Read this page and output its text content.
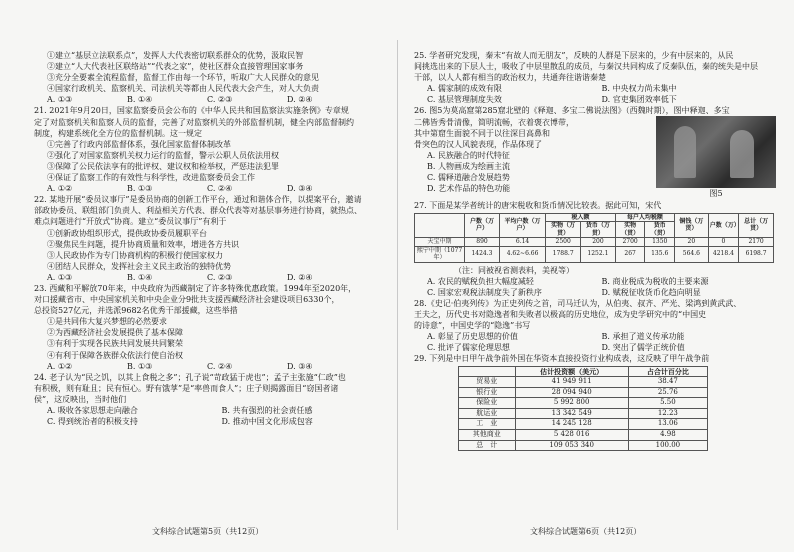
①建立“基层立法联系点”，发挥人大代表密切联系群众的优势，汲取民智
②建立“人大代表社区联络站”“代表之家”，使社区群众直接管理国家事务
③充分全要素全流程监督，监督工作由每一个环节，听取广大人民群众的意见
④国家行政机关、监察机关、司法机关等都由人民代表大会产生，对人大负责
A. ①③	B. ①④	C. ②③	D. ②④
21. 2021年9月20日，国家监察委员会公布的《中华人民共和国监察法实施条例》专章规
定了对监察机关和监察人员的监督，完善了对监察机关的外部监督机制，健全内部监督制约
制度，构建系统化全方位的监督机制。这一规定
①完善了行政内部监督体系，强化国家监督体制改革
②强化了对国家监察机关权力运行的监督，警示公职人员依法用权
③保障了公民依法享有的批评权、建议权和检举权，严惩违法犯罪
④保证了监察工作的有效性与科学性，改进监察委员会工作
A. ①②	B. ①③	C. ②④	D. ③④
22. 某地开展“委员议事厅”是委员协商的创新工作平台，通过和谐体合作，以提案平台，邀请
部政协委员、联组部门负责人、利益相关方代表、群众代表等对基层事务进行协商，就热点、
难点问题进行“开放式”协商。建立“委员议事厅”有利于
①创新政协组织形式，提供政协委员履职平台
②聚焦民生问题，提升协商质量和效率，增进各方共识
③人民政协作为专门协商机构的积极行使国家权力
④团结人民群众，发挥社会主义民主政治的独特优势
A. ①③	B. ①④	C. ②③	D. ②④
23. 西藏和平解放70年来，中央政府为西藏制定了许多特殊优惠政策。1994年至2020年，
对口援藏省市、中央国家机关和中央企业分9批共支援西藏经济社会建设项目6330个，
总投资527亿元，并选派9682名优秀干部援藏，这些举措
①是共同伟大复兴梦想的必然要求
②为西藏经济社会发展提供了基本保障
③有利于实现各民族共同发展共同繁荣
④有利于保障各族群众依法行使自治权
A. ①②	B. ①③	C. ②④	D. ③④
24. 老子认为“民之饥，以其上食税之多”；孔子说“苛政猛于虎也”；孟子主张施“仁政”也
有积极，则有耻且；民有恒心。野有饿莩”是“率兽而食人”；庄子则揭露面目“窃国者诸
侯”，这反映出，当时他们
A. 吸收各家思想走向融合	B. 共有强烈的社会责任感
C. 得到统治者的积极支持	D. 推动中国文化形成包容
25. 学者研究发现，秦末“有故人而无朋友”，反映的人群是下层来的，少有中层来的，从民
间挑选出来的下层人士，吸收了中层里散乱的成员，与秦汉共同构成了反秦队伍，秦的统失是中层
干部，以人人都有相当的政治权力，共通奔往谐谐秦楚
A. 儒家制的成效有限	B. 中央权力尚未集中
C. 基层管理制度失效	D. 官吏集团效率低下
26. 图5为莫高窟第285窟北壁的《释迦、多宝二佛说法图》（西魏时期），图中释迦、多宝
二佛皆秀骨清像，简明流畅，衣着褒衣博带，
其中第窟生面貌不同于以往深目高鼻和
骨突色的汉人风貌表现，作品体现了
A. 民族融合的时代特征
B. 人物画成为绘画主流
C. 儒释道融合发展趋势
D. 艺术作品的特色功能
图5
27. 下面是某学者统计的唐宋税收和货币情况比较表。据此可知，宋代
	户数（万户）	平均户数（万户）	税入额		每户人均税额		铜钱（万贯）	户数（万）	总计（万贯）
			实物（万贯）	货币（万贯）	实物（贯）	货币（贯）			
天宝中期	890	6.14	2500	200	2700	1350	20	0	2170
熙宁中期（1077年）	1424.3	4.62~6.66	1788.7	1252.1	267	135.6	564.6	4218.4	6198.7
（注：同被视省测表料，美视等）
A. 农民的赋税负担大幅度减轻	B. 商业税成为税收的主要来源
C. 国家宏观税法制度失了新秩序	D. 赋税征收货币化趋向明显
28.《史记·伯夷列传》为正史列传之首，司马迁认为，从伯夷、叔齐、严光、梁鸿到黄武武、
王夫之，历代史书对隐逸者和失败者以极高的历史地位，成为史学研究中的“中国史
的诗意”，中国史学的“隐逸”书写
A. 彰显了历史思想的价值	B. 承担了道义传承功能
C. 批评了儒家伦理思想	D. 突出了儒学正统价值
29. 下列是中日甲午战争前外国在华资本直接投资行业构成表，这反映了甲午战争前
	估计投资额（美元）	占合计百分比
贸易业	41 949 911	38.47
银行业	28 094 940	25.76
保险业	5 992 800	5.50
航运业	13 342 549	12.23
工　业	14 245 128	13.06
其他商业	5 428 016	4.98
总　计	109 053 340	100.00
文科综合试题第5页（共12页）	文科综合试题第6页（共12页）
